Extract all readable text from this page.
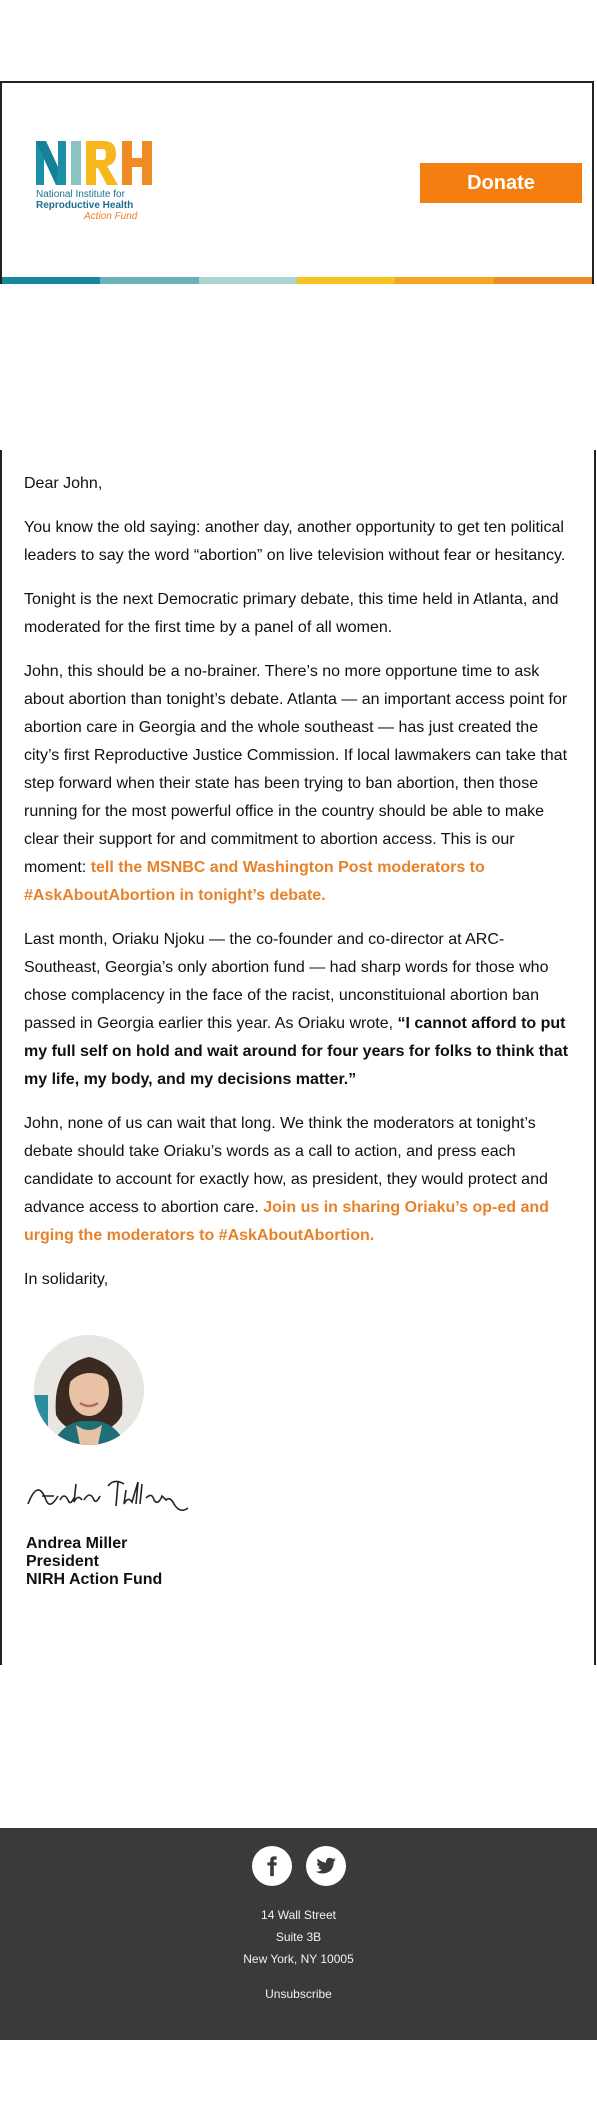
National Institute for
Reproductive Health
Action Fund
Donate

Dear John,

You know the old saying: another day, another opportunity to get ten political leaders to say the word “abortion” on live television without fear or hesitancy.

Tonight is the next Democratic primary debate, this time held in Atlanta, and moderated for the first time by a panel of all women.

John, this should be a no-brainer. There’s no more opportune time to ask about abortion than tonight’s debate. Atlanta — an important access point for abortion care in Georgia and the whole southeast — has just created the city’s first Reproductive Justice Commission. If local lawmakers can take that step forward when their state has been trying to ban abortion, then those running for the most powerful office in the country should be able to make clear their support for and commitment to abortion access. This is our moment: tell the MSNBC and Washington Post moderators to #AskAboutAbortion in tonight’s debate.

Last month, Oriaku Njoku — the co-founder and co-director at ARC-Southeast, Georgia’s only abortion fund — had sharp words for those who chose complacency in the face of the racist, unconstituional abortion ban passed in Georgia earlier this year. As Oriaku wrote, “I cannot afford to put my full self on hold and wait around for four years for folks to think that my life, my body, and my decisions matter.”

John, none of us can wait that long. We think the moderators at tonight’s debate should take Oriaku’s words as a call to action, and press each candidate to account for exactly how, as president, they would protect and advance access to abortion care. Join us in sharing Oriaku’s op-ed and urging the moderators to #AskAboutAbortion.

In solidarity,

Andrea Miller
President
NIRH Action Fund
14 Wall Street
Suite 3B
New York, NY 10005
Unsubscribe
